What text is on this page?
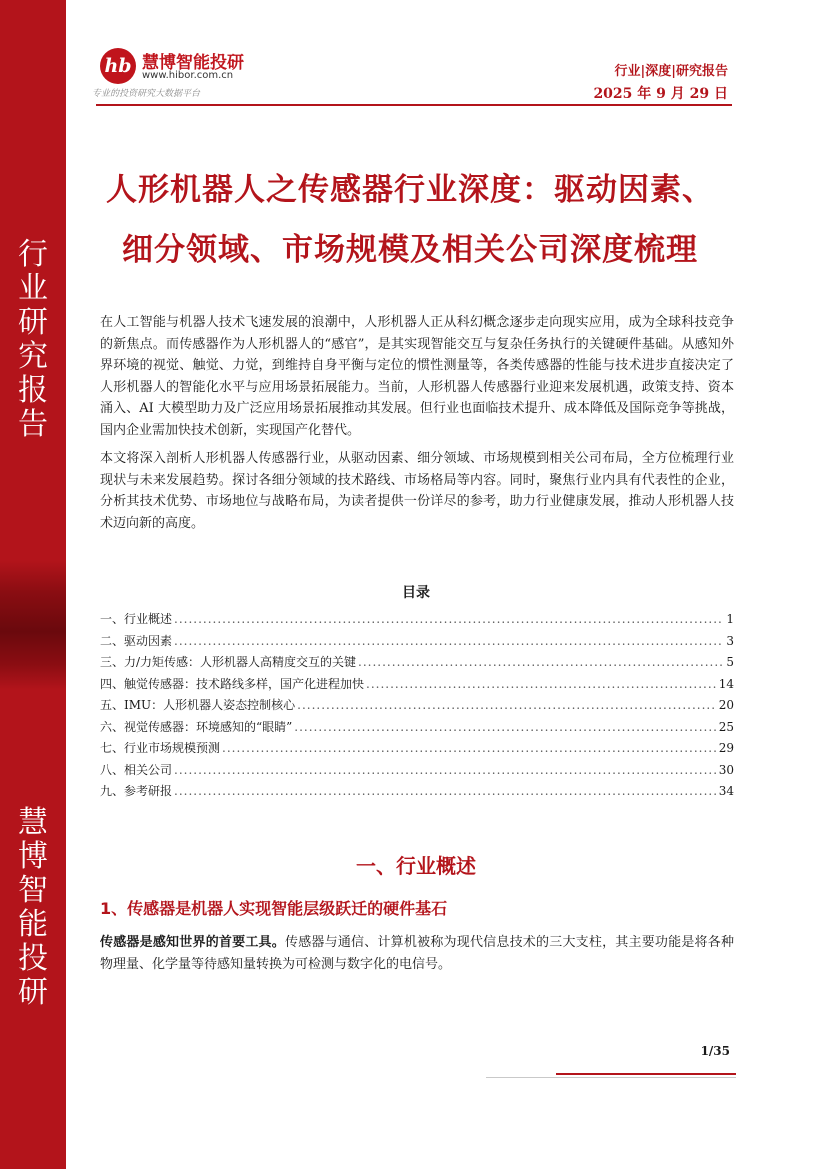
行
业
研
究
报
告
慧
博
智
能
投
研
hb 慧博智能投研
www.hibor.com.cn
专业的投资研究大数据平台
行业|深度|研究报告
2025 年 9 月 29 日
人形机器人之传感器行业深度：驱动因素、
细分领域、市场规模及相关公司深度梳理
在人工智能与机器人技术飞速发展的浪潮中，人形机器人正从科幻概念逐步走向现实应用，成为全球科技竞争的新焦点。而传感器作为人形机器人的“感官”，是其实现智能交互与复杂任务执行的关键硬件基础。从感知外界环境的视觉、触觉、力觉，到维持自身平衡与定位的惯性测量等，各类传感器的性能与技术进步直接决定了人形机器人的智能化水平与应用场景拓展能力。当前，人形机器人传感器行业迎来发展机遇，政策支持、资本涌入、AI 大模型助力及广泛应用场景拓展推动其发展。但行业也面临技术提升、成本降低及国际竞争等挑战，国内企业需加快技术创新，实现国产化替代。
本文将深入剖析人形机器人传感器行业，从驱动因素、细分领域、市场规模到相关公司布局，全方位梳理行业现状与未来发展趋势。探讨各细分领域的技术路线、市场格局等内容。同时，聚焦行业内具有代表性的企业，分析其技术优势、市场地位与战略布局，为读者提供一份详尽的参考，助力行业健康发展，推动人形机器人技术迈向新的高度。
目录
一、行业概述 .....	1
二、驱动因素 .....	3
三、力/力矩传感：人形机器人高精度交互的关键 .....	5
四、触觉传感器：技术路线多样，国产化进程加快 .....	14
五、IMU：人形机器人姿态控制核心 .....	20
六、视觉传感器：环境感知的“眼睛” .....	25
七、行业市场规模预测 .....	29
八、相关公司 .....	30
九、参考研报 .....	34
一、行业概述
1、传感器是机器人实现智能层级跃迁的硬件基石
传感器是感知世界的首要工具。传感器与通信、计算机被称为现代信息技术的三大支柱，其主要功能是将各种物理量、化学量等待感知量转换为可检测与数字化的电信号。
1/35
